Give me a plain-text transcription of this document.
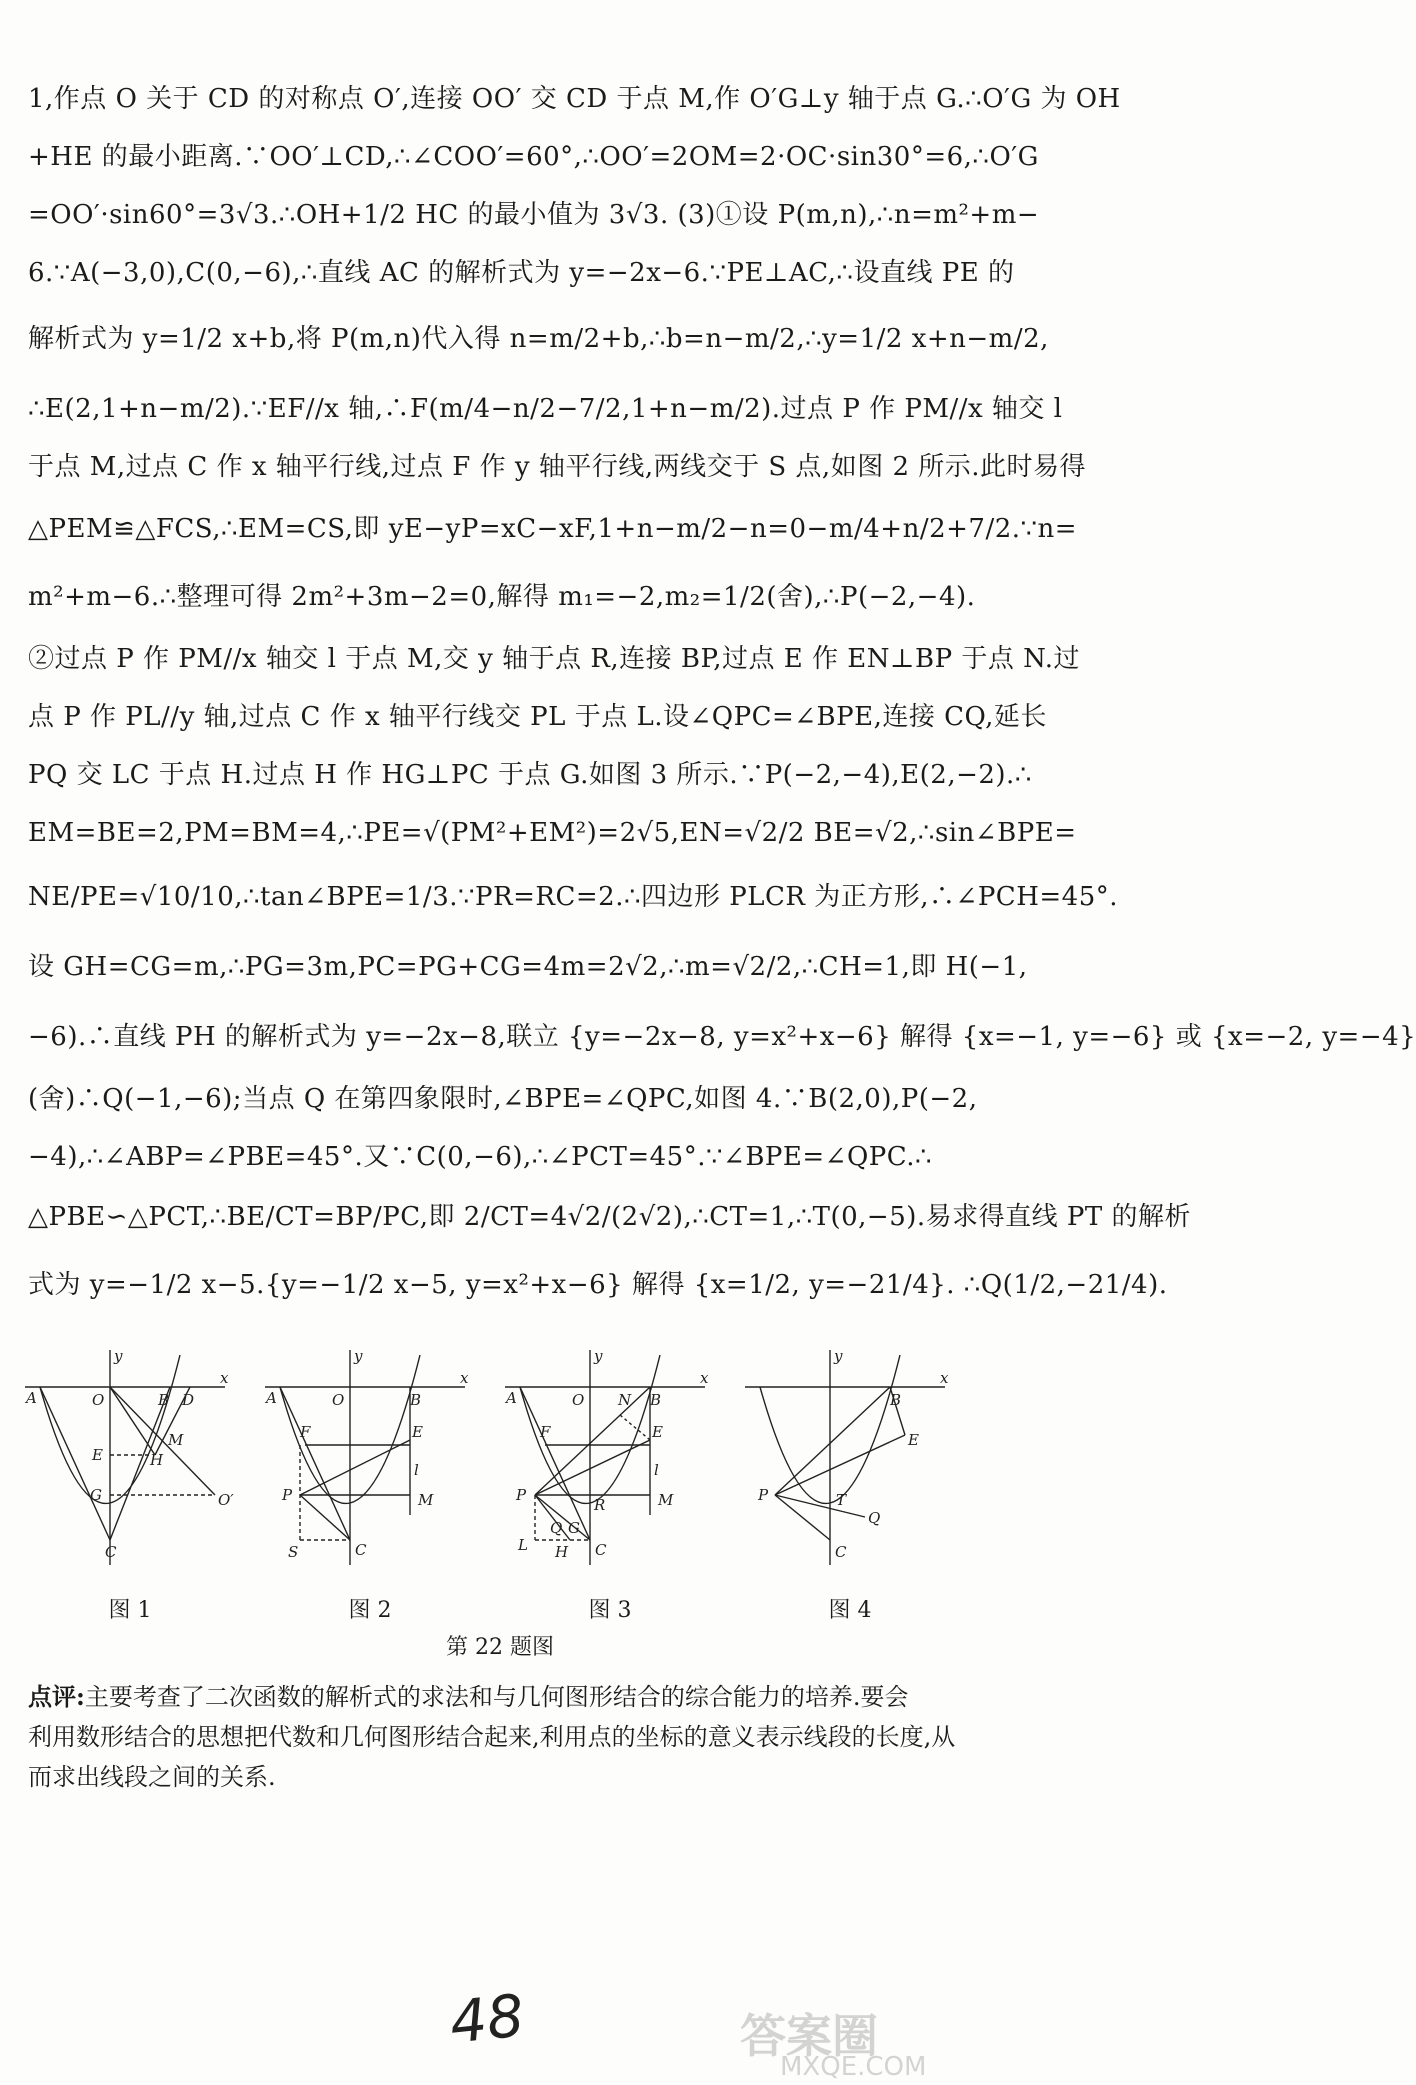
1,作点 O 关于 CD 的对称点 O′,连接 OO′ 交 CD 于点 M,作 O′G⊥y 轴于点 G.∴O′G 为 OH
+HE 的最小距离.∵OO′⊥CD,∴∠COO′=60°,∴OO′=2OM=2·OC·sin30°=6,∴O′G
=OO′·sin60°=3√3.∴OH+1/2 HC 的最小值为 3√3. (3)①设 P(m,n),∴n=m²+m−
6.∵A(−3,0),C(0,−6),∴直线 AC 的解析式为 y=−2x−6.∵PE⊥AC,∴设直线 PE 的
解析式为 y=1/2 x+b,将 P(m,n)代入得 n=m/2+b,∴b=n−m/2,∴y=1/2 x+n−m/2,
∴E(2,1+n−m/2).∵EF//x 轴,∴F(m/4−n/2−7/2,1+n−m/2).过点 P 作 PM//x 轴交 l
于点 M,过点 C 作 x 轴平行线,过点 F 作 y 轴平行线,两线交于 S 点,如图 2 所示.此时易得
△PEM≌△FCS,∴EM=CS,即 yE−yP=xC−xF,1+n−m/2−n=0−m/4+n/2+7/2.∵n=
m²+m−6.∴整理可得 2m²+3m−2=0,解得 m₁=−2,m₂=1/2(舍),∴P(−2,−4).
②过点 P 作 PM//x 轴交 l 于点 M,交 y 轴于点 R,连接 BP,过点 E 作 EN⊥BP 于点 N.过
点 P 作 PL//y 轴,过点 C 作 x 轴平行线交 PL 于点 L.设∠QPC=∠BPE,连接 CQ,延长
PQ 交 LC 于点 H.过点 H 作 HG⊥PC 于点 G.如图 3 所示.∵P(−2,−4),E(2,−2).∴
EM=BE=2,PM=BM=4,∴PE=√(PM²+EM²)=2√5,EN=√2/2 BE=√2,∴sin∠BPE=
NE/PE=√10/10,∴tan∠BPE=1/3.∵PR=RC=2.∴四边形 PLCR 为正方形,∴∠PCH=45°.
设 GH=CG=m,∴PG=3m,PC=PG+CG=4m=2√2,∴m=√2/2,∴CH=1,即 H(−1,
−6).∴直线 PH 的解析式为 y=−2x−8,联立 {y=−2x−8, y=x²+x−6} 解得 {x=−1, y=−6} 或 {x=−2, y=−4}
(舍)∴Q(−1,−6);当点 Q 在第四象限时,∠BPE=∠QPC,如图 4.∵B(2,0),P(−2,
−4),∴∠ABP=∠PBE=45°.又∵C(0,−6),∴∠PCT=45°.∵∠BPE=∠QPC.∴
△PBE∽△PCT,∴BE/CT=BP/PC,即 2/CT=4√2/(2√2),∴CT=1,∴T(0,−5).易求得直线 PT 的解析
式为 y=−1/2 x−5.{y=−1/2 x−5, y=x²+x−6} 解得 {x=1/2, y=−21/4}. ∴Q(1/2,−21/4).
x
y
A	O	B D
M
E	H
G	O′
C
图 1
x
y
A	O	B
F	E
P
l
M
S	C
图 2
x
y
A	O N B
F	E
P
R	M
l
Q G
L H C
图 3
x
y
B
E
P	T
Q
C
图 4
第 22 题图
点评:主要考查了二次函数的解析式的求法和与几何图形结合的综合能力的培养.要会
利用数形结合的思想把代数和几何图形结合起来,利用点的坐标的意义表示线段的长度,从
而求出线段之间的关系.
48	答案圈
MXQE.COM
